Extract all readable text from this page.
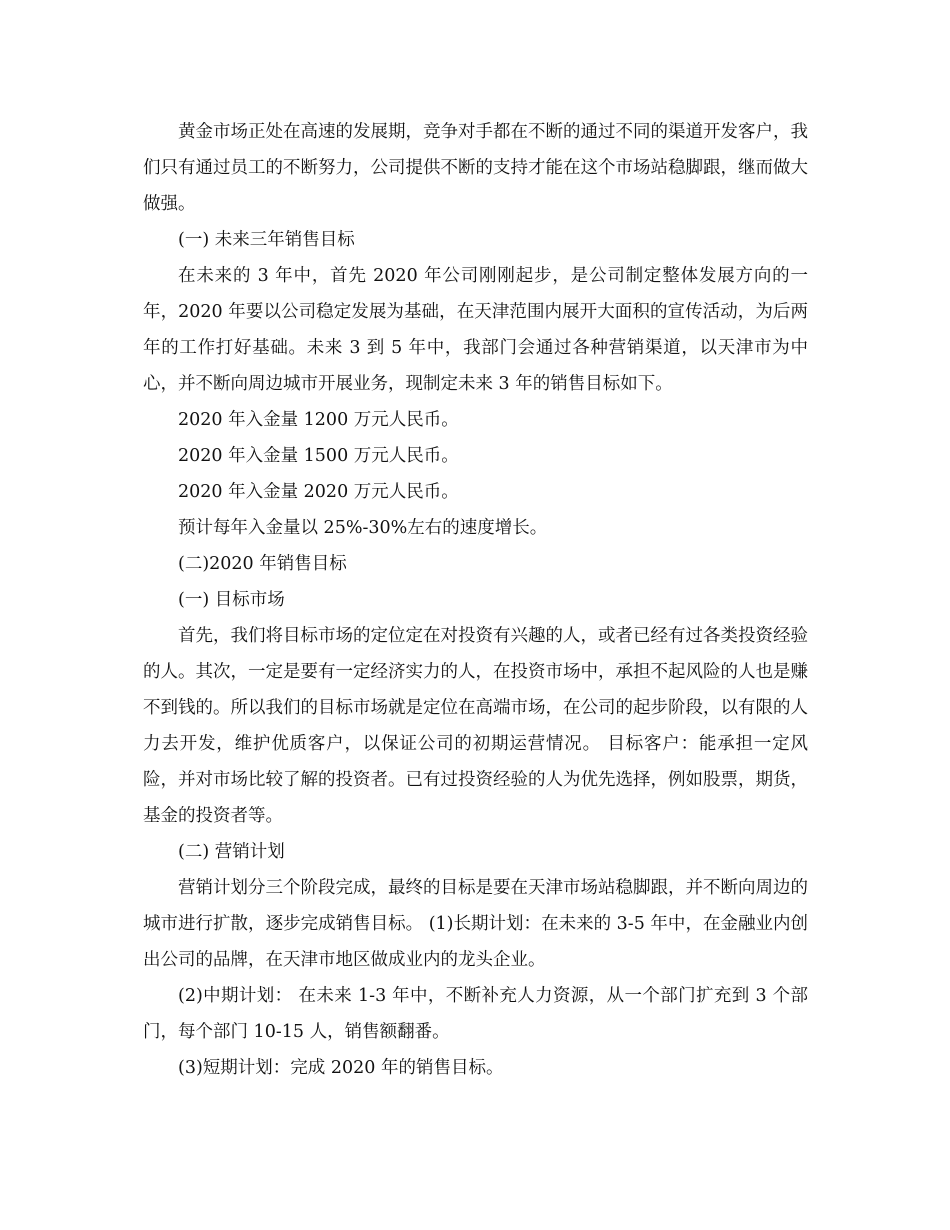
黄金市场正处在高速的发展期，竞争对手都在不断的通过不同的渠道开发客户，我们只有通过员工的不断努力，公司提供不断的支持才能在这个市场站稳脚跟，继而做大做强。

(一) 未来三年销售目标

在未来的 3 年中，首先 2020 年公司刚刚起步，是公司制定整体发展方向的一年，2020 年要以公司稳定发展为基础，在天津范围内展开大面积的宣传活动，为后两年的工作打好基础。未来 3 到 5 年中，我部门会通过各种营销渠道，以天津市为中心，并不断向周边城市开展业务，现制定未来 3 年的销售目标如下。

2020 年入金量 1200 万元人民币。

2020 年入金量 1500 万元人民币。

2020 年入金量 2020 万元人民币。

预计每年入金量以 25%-30%左右的速度增长。

(二)2020 年销售目标

(一) 目标市场

首先，我们将目标市场的定位定在对投资有兴趣的人，或者已经有过各类投资经验的人。其次，一定是要有一定经济实力的人，在投资市场中，承担不起风险的人也是赚不到钱的。所以我们的目标市场就是定位在高端市场，在公司的起步阶段，以有限的人力去开发，维护优质客户，以保证公司的初期运营情况。 目标客户：能承担一定风险，并对市场比较了解的投资者。已有过投资经验的人为优先选择，例如股票，期货，基金的投资者等。

(二) 营销计划

营销计划分三个阶段完成，最终的目标是要在天津市场站稳脚跟，并不断向周边的城市进行扩散，逐步完成销售目标。 (1)长期计划：在未来的 3-5 年中，在金融业内创出公司的品牌，在天津市地区做成业内的龙头企业。

(2)中期计划： 在未来 1-3 年中，不断补充人力资源，从一个部门扩充到 3 个部门，每个部门 10-15 人，销售额翻番。

(3)短期计划：完成 2020 年的销售目标。
